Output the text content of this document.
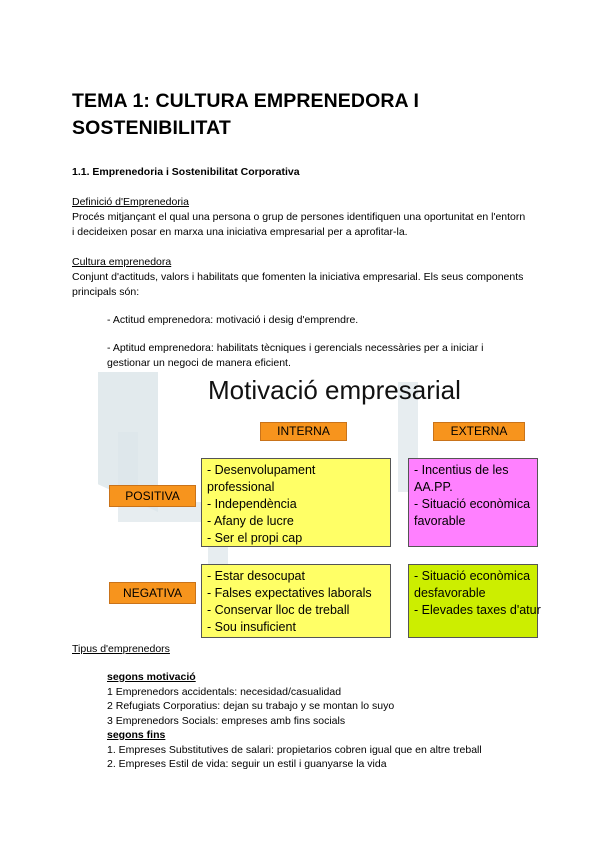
TEMA 1: CULTURA EMPRENEDORA I SOSTENIBILITAT

1.1. Emprenedoria i Sostenibilitat Corporativa

Definició d'Emprenedoria
Procés mitjançant el qual una persona o grup de persones identifiquen una oportunitat en l'entorn i decideixen posar en marxa una iniciativa empresarial per a aprofitar-la.
Cultura emprenedora
Conjunt d'actituds, valors i habilitats que fomenten la iniciativa empresarial. Els seus components principals són:
- Actitud emprenedora: motivació i desig d'emprendre.
- Aptitud emprenedora: habilitats tècniques i gerencials necessàries per a iniciar i gestionar un negoci de manera eficient.
Motivació empresarial
INTERNA	EXTERNA
POSITIVA
NEGATIVA
- Desenvolupament
professional
- Independència
- Afany de lucre
- Ser el propi cap
- Incentius de les
AA.PP.
- Situació econòmica
favorable
- Estar desocupat
- Falses expectatives laborals
- Conservar lloc de treball
- Sou insuficient
- Situació econòmica
desfavorable
- Elevades taxes d'atur
Tipus d'emprenedors
segons motivació
1 Emprenedors accidentals: necesidad/casualidad
2 Refugiats Corporatius: dejan su trabajo y se montan lo suyo
3 Emprenedors Socials: empreses amb fins socials
segons fins
1. Empreses Substitutives de salari: propietarios cobren igual que en altre treball
2. Empreses Estil de vida: seguir un estil i guanyarse la vida
